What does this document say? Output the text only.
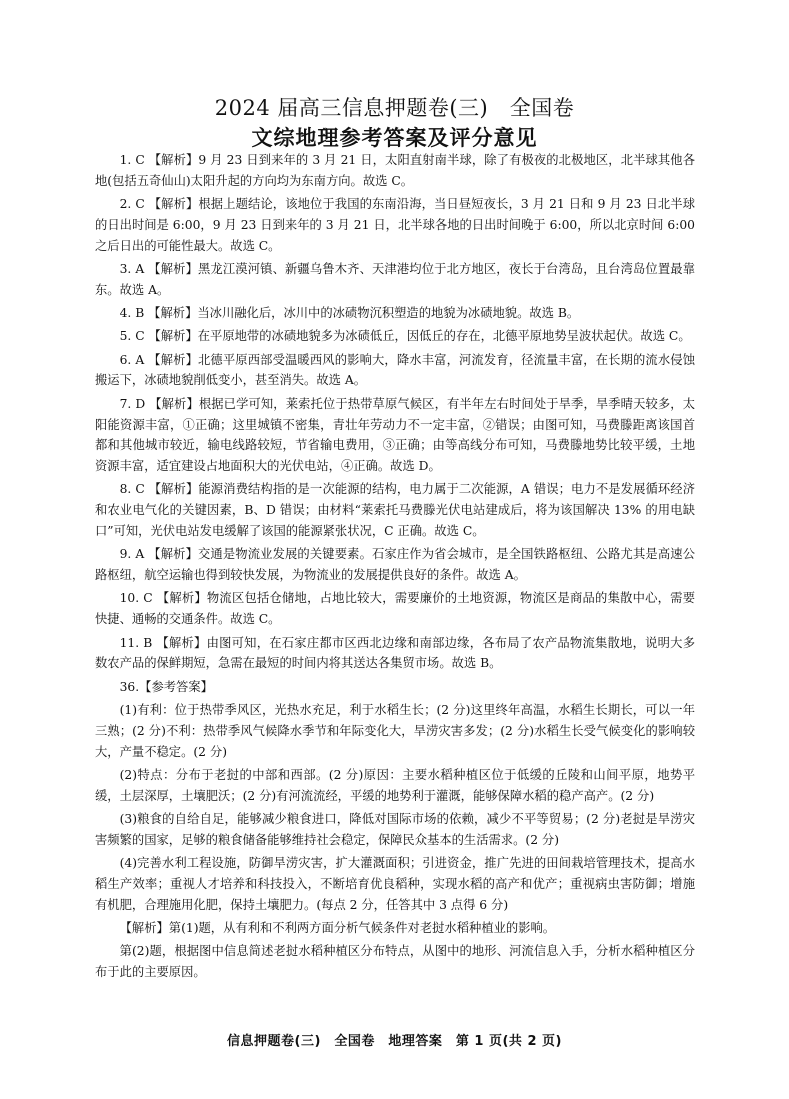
2024 届高三信息押题卷(三)　全国卷
文综地理参考答案及评分意见

1. C 【解析】9 月 23 日到来年的 3 月 21 日，太阳直射南半球，除了有极夜的北极地区，北半球其他各地(包括五奇仙山)太阳升起的方向均为东南方向。故选 C。

2. C 【解析】根据上题结论，该地位于我国的东南沿海，当日昼短夜长，3 月 21 日和 9 月 23 日北半球的日出时间是 6:00，9 月 23 日到来年的 3 月 21 日，北半球各地的日出时间晚于 6:00，所以北京时间 6:00 之后日出的可能性最大。故选 C。

3. A 【解析】黑龙江漠河镇、新疆乌鲁木齐、天津港均位于北方地区，夜长于台湾岛，且台湾岛位置最靠东。故选 A。

4. B 【解析】当冰川融化后，冰川中的冰碛物沉积塑造的地貌为冰碛地貌。故选 B。

5. C 【解析】在平原地带的冰碛地貌多为冰碛低丘，因低丘的存在，北德平原地势呈波状起伏。故选 C。

6. A 【解析】北德平原西部受温暖西风的影响大，降水丰富，河流发育，径流量丰富，在长期的流水侵蚀搬运下，冰碛地貌削低变小，甚至消失。故选 A。

7. D 【解析】根据已学可知，莱索托位于热带草原气候区，有半年左右时间处于旱季，旱季晴天较多，太阳能资源丰富，①正确；这里城镇不密集，青壮年劳动力不一定丰富，②错误；由图可知，马费滕距离该国首都和其他城市较近，输电线路较短，节省输电费用，③正确；由等高线分布可知，马费滕地势比较平缓，土地资源丰富，适宜建设占地面积大的光伏电站，④正确。故选 D。

8. C 【解析】能源消费结构指的是一次能源的结构，电力属于二次能源，A 错误；电力不是发展循环经济和农业电气化的关键因素，B、D 错误；由材料“莱索托马费滕光伏电站建成后，将为该国解决 13% 的用电缺口”可知，光伏电站发电缓解了该国的能源紧张状况，C 正确。故选 C。

9. A 【解析】交通是物流业发展的关键要素。石家庄作为省会城市，是全国铁路枢纽、公路尤其是高速公路枢纽，航空运输也得到较快发展，为物流业的发展提供良好的条件。故选 A。

10. C 【解析】物流区包括仓储地，占地比较大，需要廉价的土地资源，物流区是商品的集散中心，需要快捷、通畅的交通条件。故选 C。

11. B 【解析】由图可知，在石家庄都市区西北边缘和南部边缘，各布局了农产品物流集散地，说明大多数农产品的保鲜期短，急需在最短的时间内将其送达各集贸市场。故选 B。

36.【参考答案】

(1)有利：位于热带季风区，光热水充足，利于水稻生长；(2 分)这里终年高温，水稻生长期长，可以一年三熟；(2 分)不利：热带季风气候降水季节和年际变化大，旱涝灾害多发；(2 分)水稻生长受气候变化的影响较大，产量不稳定。(2 分)

(2)特点：分布于老挝的中部和西部。(2 分)原因：主要水稻种植区位于低缓的丘陵和山间平原，地势平缓，土层深厚，土壤肥沃；(2 分)有河流流经，平缓的地势利于灌溉，能够保障水稻的稳产高产。(2 分)

(3)粮食的自给自足，能够减少粮食进口，降低对国际市场的依赖，减少不平等贸易；(2 分)老挝是旱涝灾害频繁的国家，足够的粮食储备能够维持社会稳定，保障民众基本的生活需求。(2 分)

(4)完善水利工程设施，防御旱涝灾害，扩大灌溉面积；引进资金，推广先进的田间栽培管理技术，提高水稻生产效率；重视人才培养和科技投入，不断培育优良稻种，实现水稻的高产和优产；重视病虫害防御；增施有机肥，合理施用化肥，保持土壤肥力。(每点 2 分，任答其中 3 点得 6 分)

【解析】第(1)题，从有利和不利两方面分析气候条件对老挝水稻种植业的影响。

第(2)题，根据图中信息简述老挝水稻种植区分布特点，从图中的地形、河流信息入手，分析水稻种植区分布于此的主要原因。

信息押题卷(三)　全国卷　地理答案　第 1 页(共 2 页)
